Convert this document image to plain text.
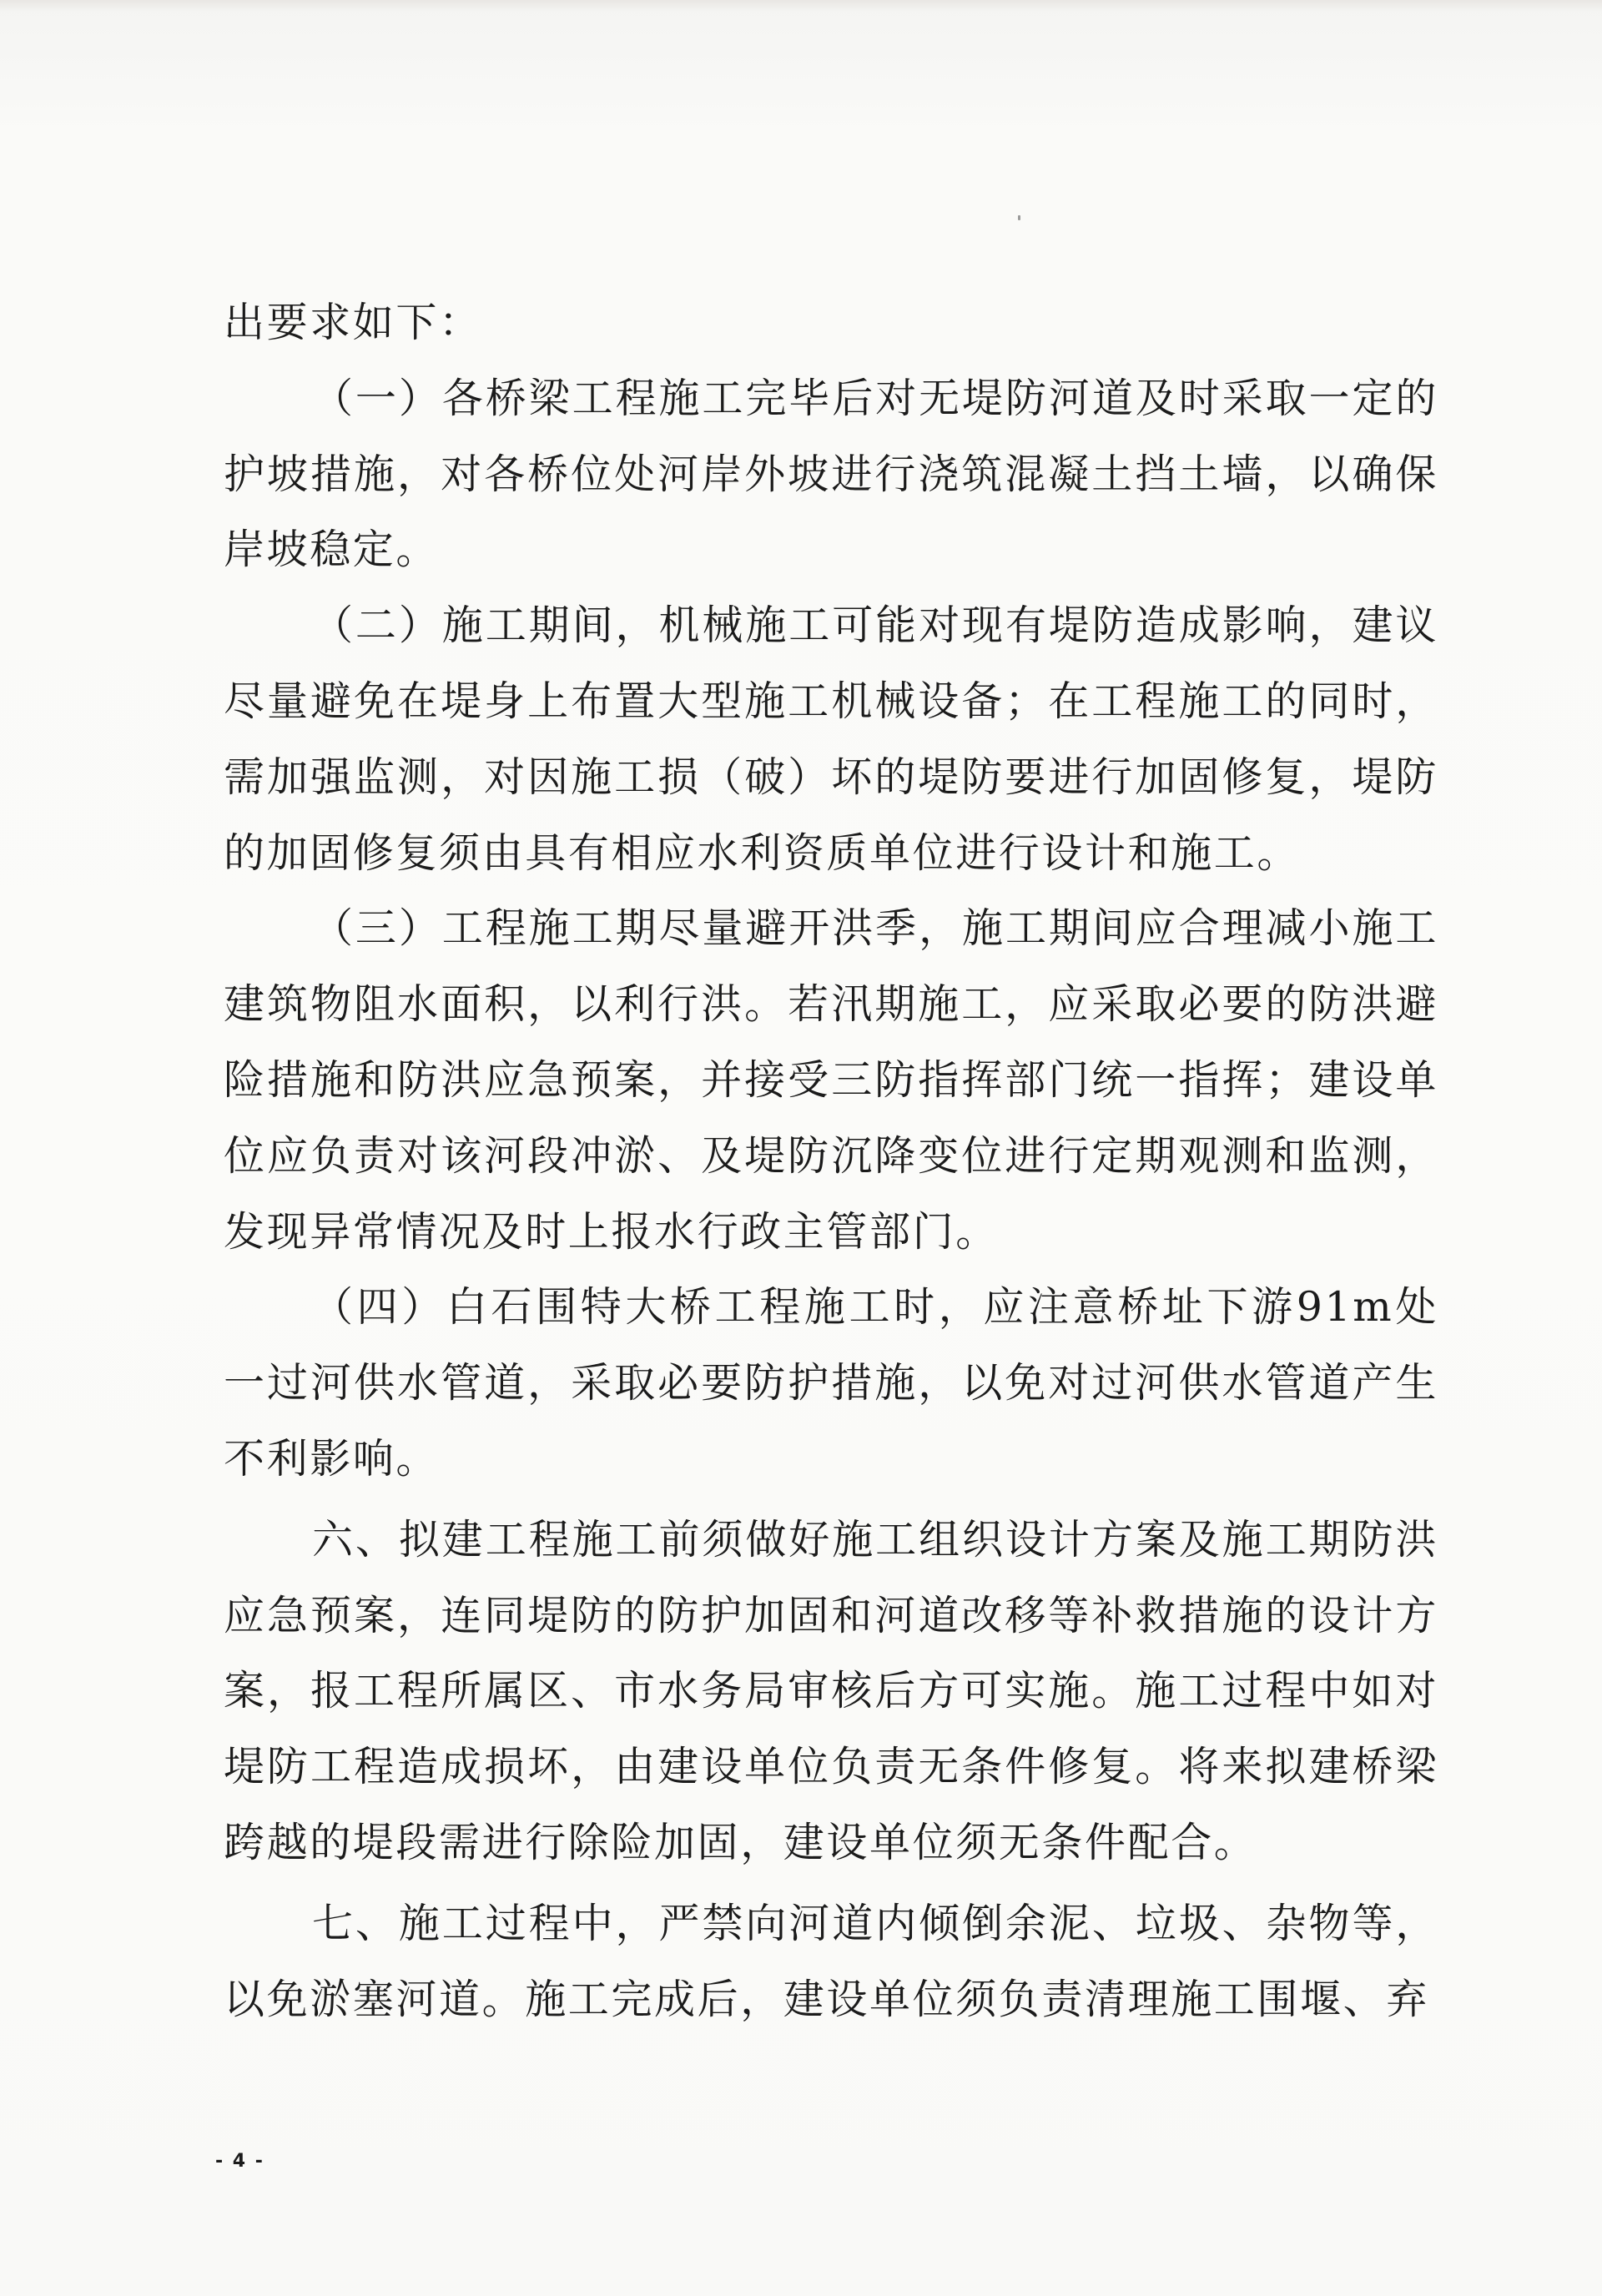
出要求如下：

（一）各桥梁工程施工完毕后对无堤防河道及时采取一定的护坡措施，对各桥位处河岸外坡进行浇筑混凝土挡土墙，以确保岸坡稳定。

（二）施工期间，机械施工可能对现有堤防造成影响，建议尽量避免在堤身上布置大型施工机械设备；在工程施工的同时，需加强监测，对因施工损（破）坏的堤防要进行加固修复，堤防的加固修复须由具有相应水利资质单位进行设计和施工。

（三）工程施工期尽量避开洪季，施工期间应合理减小施工建筑物阻水面积，以利行洪。若汛期施工，应采取必要的防洪避险措施和防洪应急预案，并接受三防指挥部门统一指挥；建设单位应负责对该河段冲淤、及堤防沉降变位进行定期观测和监测，发现异常情况及时上报水行政主管部门。

（四）白石围特大桥工程施工时，应注意桥址下游91m处一过河供水管道，采取必要防护措施，以免对过河供水管道产生不利影响。

六、拟建工程施工前须做好施工组织设计方案及施工期防洪应急预案，连同堤防的防护加固和河道改移等补救措施的设计方案，报工程所属区、市水务局审核后方可实施。施工过程中如对堤防工程造成损坏，由建设单位负责无条件修复。将来拟建桥梁跨越的堤段需进行除险加固，建设单位须无条件配合。

七、施工过程中，严禁向河道内倾倒余泥、垃圾、杂物等，以免淤塞河道。施工完成后，建设单位须负责清理施工围堰、弃

- 4 -
